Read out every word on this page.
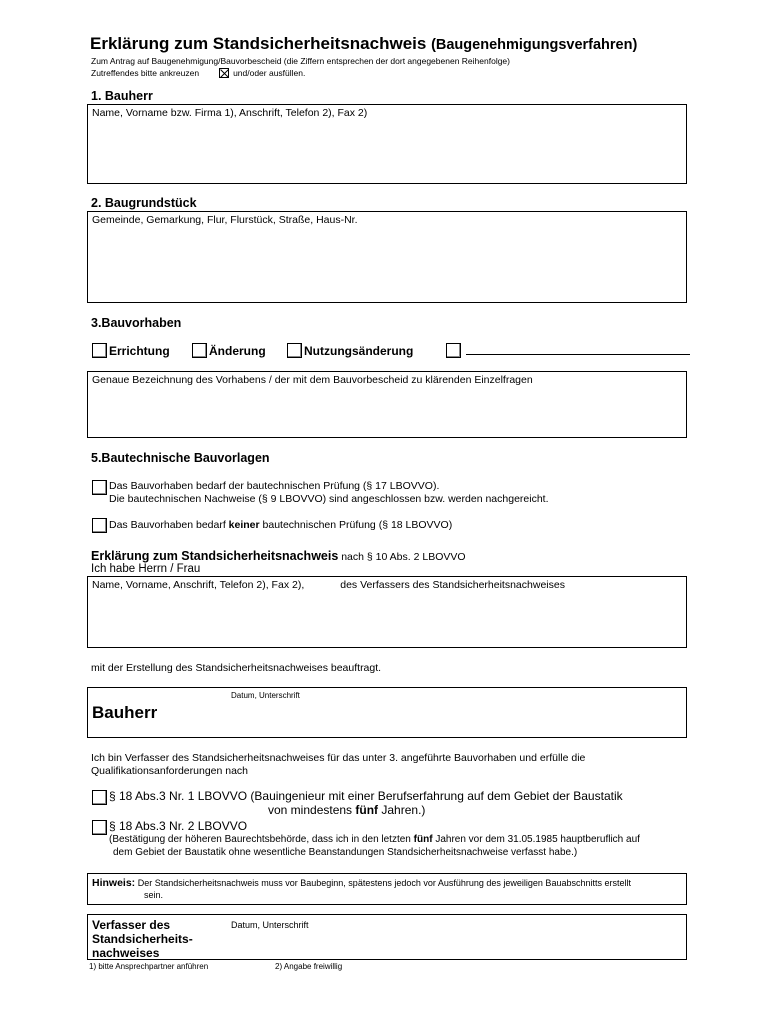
Erklärung zum Standsicherheitsnachweis (Baugenehmigungsverfahren)
Zum Antrag auf Baugenehmigung/Bauvorbescheid (die Ziffern entsprechen der dort angegebenen Reihenfolge)
Zutreffendes bitte ankreuzen	und/oder ausfüllen.
1. Bauherr
Name, Vorname bzw. Firma 1), Anschrift, Telefon 2), Fax 2)
2. Baugrundstück
Gemeinde, Gemarkung, Flur, Flurstück, Straße, Haus-Nr.
3.Bauvorhaben
Errichtung	Änderung	Nutzungsänderung
Genaue Bezeichnung des Vorhabens / der mit dem Bauvorbescheid zu klärenden Einzelfragen
5.Bautechnische Bauvorlagen
Das Bauvorhaben bedarf der bautechnischen Prüfung (§ 17 LBOVVO).
Die bautechnischen Nachweise (§ 9 LBOVVO) sind angeschlossen bzw. werden nachgereicht.
Das Bauvorhaben bedarf keiner bautechnischen Prüfung (§ 18 LBOVVO)
Erklärung zum Standsicherheitsnachweis nach § 10 Abs. 2 LBOVVO
Ich habe Herrn / Frau
Name, Vorname, Anschrift, Telefon 2), Fax 2),	des Verfassers des Standsicherheitsnachweises
mit der Erstellung des Standsicherheitsnachweises beauftragt.
Datum, Unterschrift
Bauherr
Ich bin Verfasser des Standsicherheitsnachweises für das unter 3. angeführte Bauvorhaben und erfülle die
Qualifikationsanforderungen nach
§ 18 Abs.3 Nr. 1 LBOVVO (Bauingenieur mit einer Berufserfahrung auf dem Gebiet der Baustatik
von mindestens fünf Jahren.)
§ 18 Abs.3 Nr. 2 LBOVVO
(Bestätigung der höheren Baurechtsbehörde, dass ich in den letzten fünf Jahren vor dem 31.05.1985 hauptberuflich auf
dem Gebiet der Baustatik ohne wesentliche Beanstandungen Standsicherheitsnachweise verfasst habe.)
Hinweis: Der Standsicherheitsnachweis muss vor Baubeginn, spätestens jedoch vor Ausführung des jeweiligen Bauabschnitts erstellt
sein.
Verfasser des
Standsicherheits-
nachweises
Datum, Unterschrift
1) bitte Ansprechpartner anführen	2) Angabe freiwillig
